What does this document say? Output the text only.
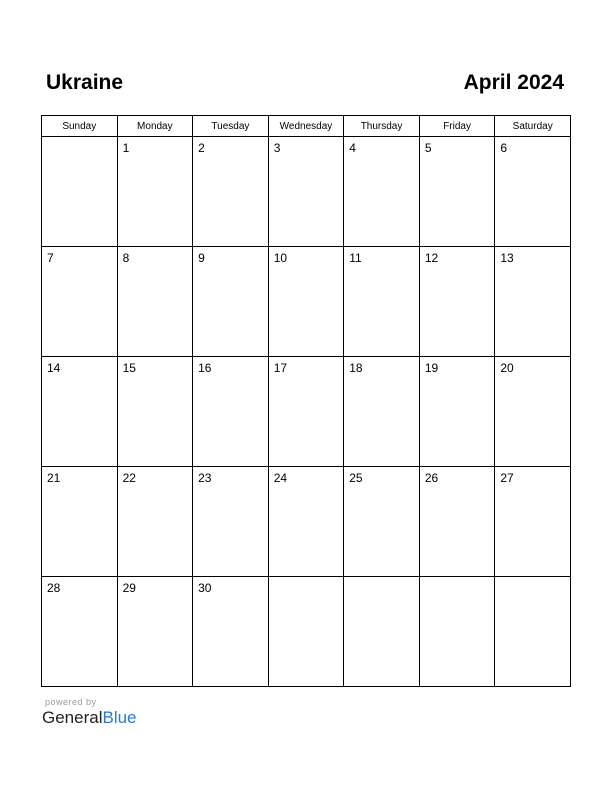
Ukraine	April 2024
Sunday	Monday	Tuesday	Wednesday	Thursday	Friday	Saturday

	1	2	3	4	5	6

7	8	9	10	11	12	13

14	15	16	17	18	19	20

21	22	23	24	25	26	27

28	29	30				

powered by
GeneralBlue
